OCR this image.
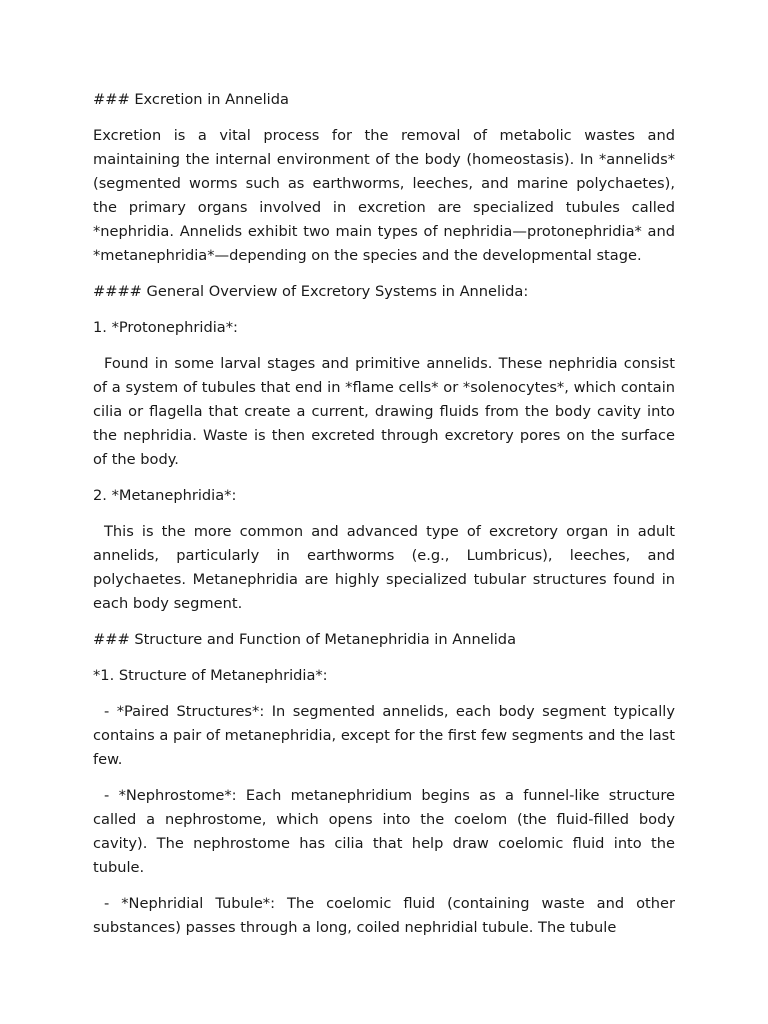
### Excretion in Annelida

Excretion is a vital process for the removal of metabolic wastes and maintaining the internal environment of the body (homeostasis). In *annelids* (segmented worms such as earthworms, leeches, and marine polychaetes), the primary organs involved in excretion are specialized tubules called *nephridia. Annelids exhibit two main types of nephridia—protonephridia* and *metanephridia*—depending on the species and the developmental stage.

#### General Overview of Excretory Systems in Annelida:

1. *Protonephridia*:

Found in some larval stages and primitive annelids. These nephridia consist of a system of tubules that end in *flame cells* or *solenocytes*, which contain cilia or flagella that create a current, drawing fluids from the body cavity into the nephridia. Waste is then excreted through excretory pores on the surface of the body.

2. *Metanephridia*:

This is the more common and advanced type of excretory organ in adult annelids, particularly in earthworms (e.g., Lumbricus), leeches, and polychaetes. Metanephridia are highly specialized tubular structures found in each body segment.

### Structure and Function of Metanephridia in Annelida

*1. Structure of Metanephridia*:

- *Paired Structures*: In segmented annelids, each body segment typically contains a pair of metanephridia, except for the first few segments and the last few.

- *Nephrostome*: Each metanephridium begins as a funnel-like structure called a nephrostome, which opens into the coelom (the fluid-filled body cavity). The nephrostome has cilia that help draw coelomic fluid into the tubule.

- *Nephridial Tubule*: The coelomic fluid (containing waste and other substances) passes through a long, coiled nephridial tubule. The tubule
